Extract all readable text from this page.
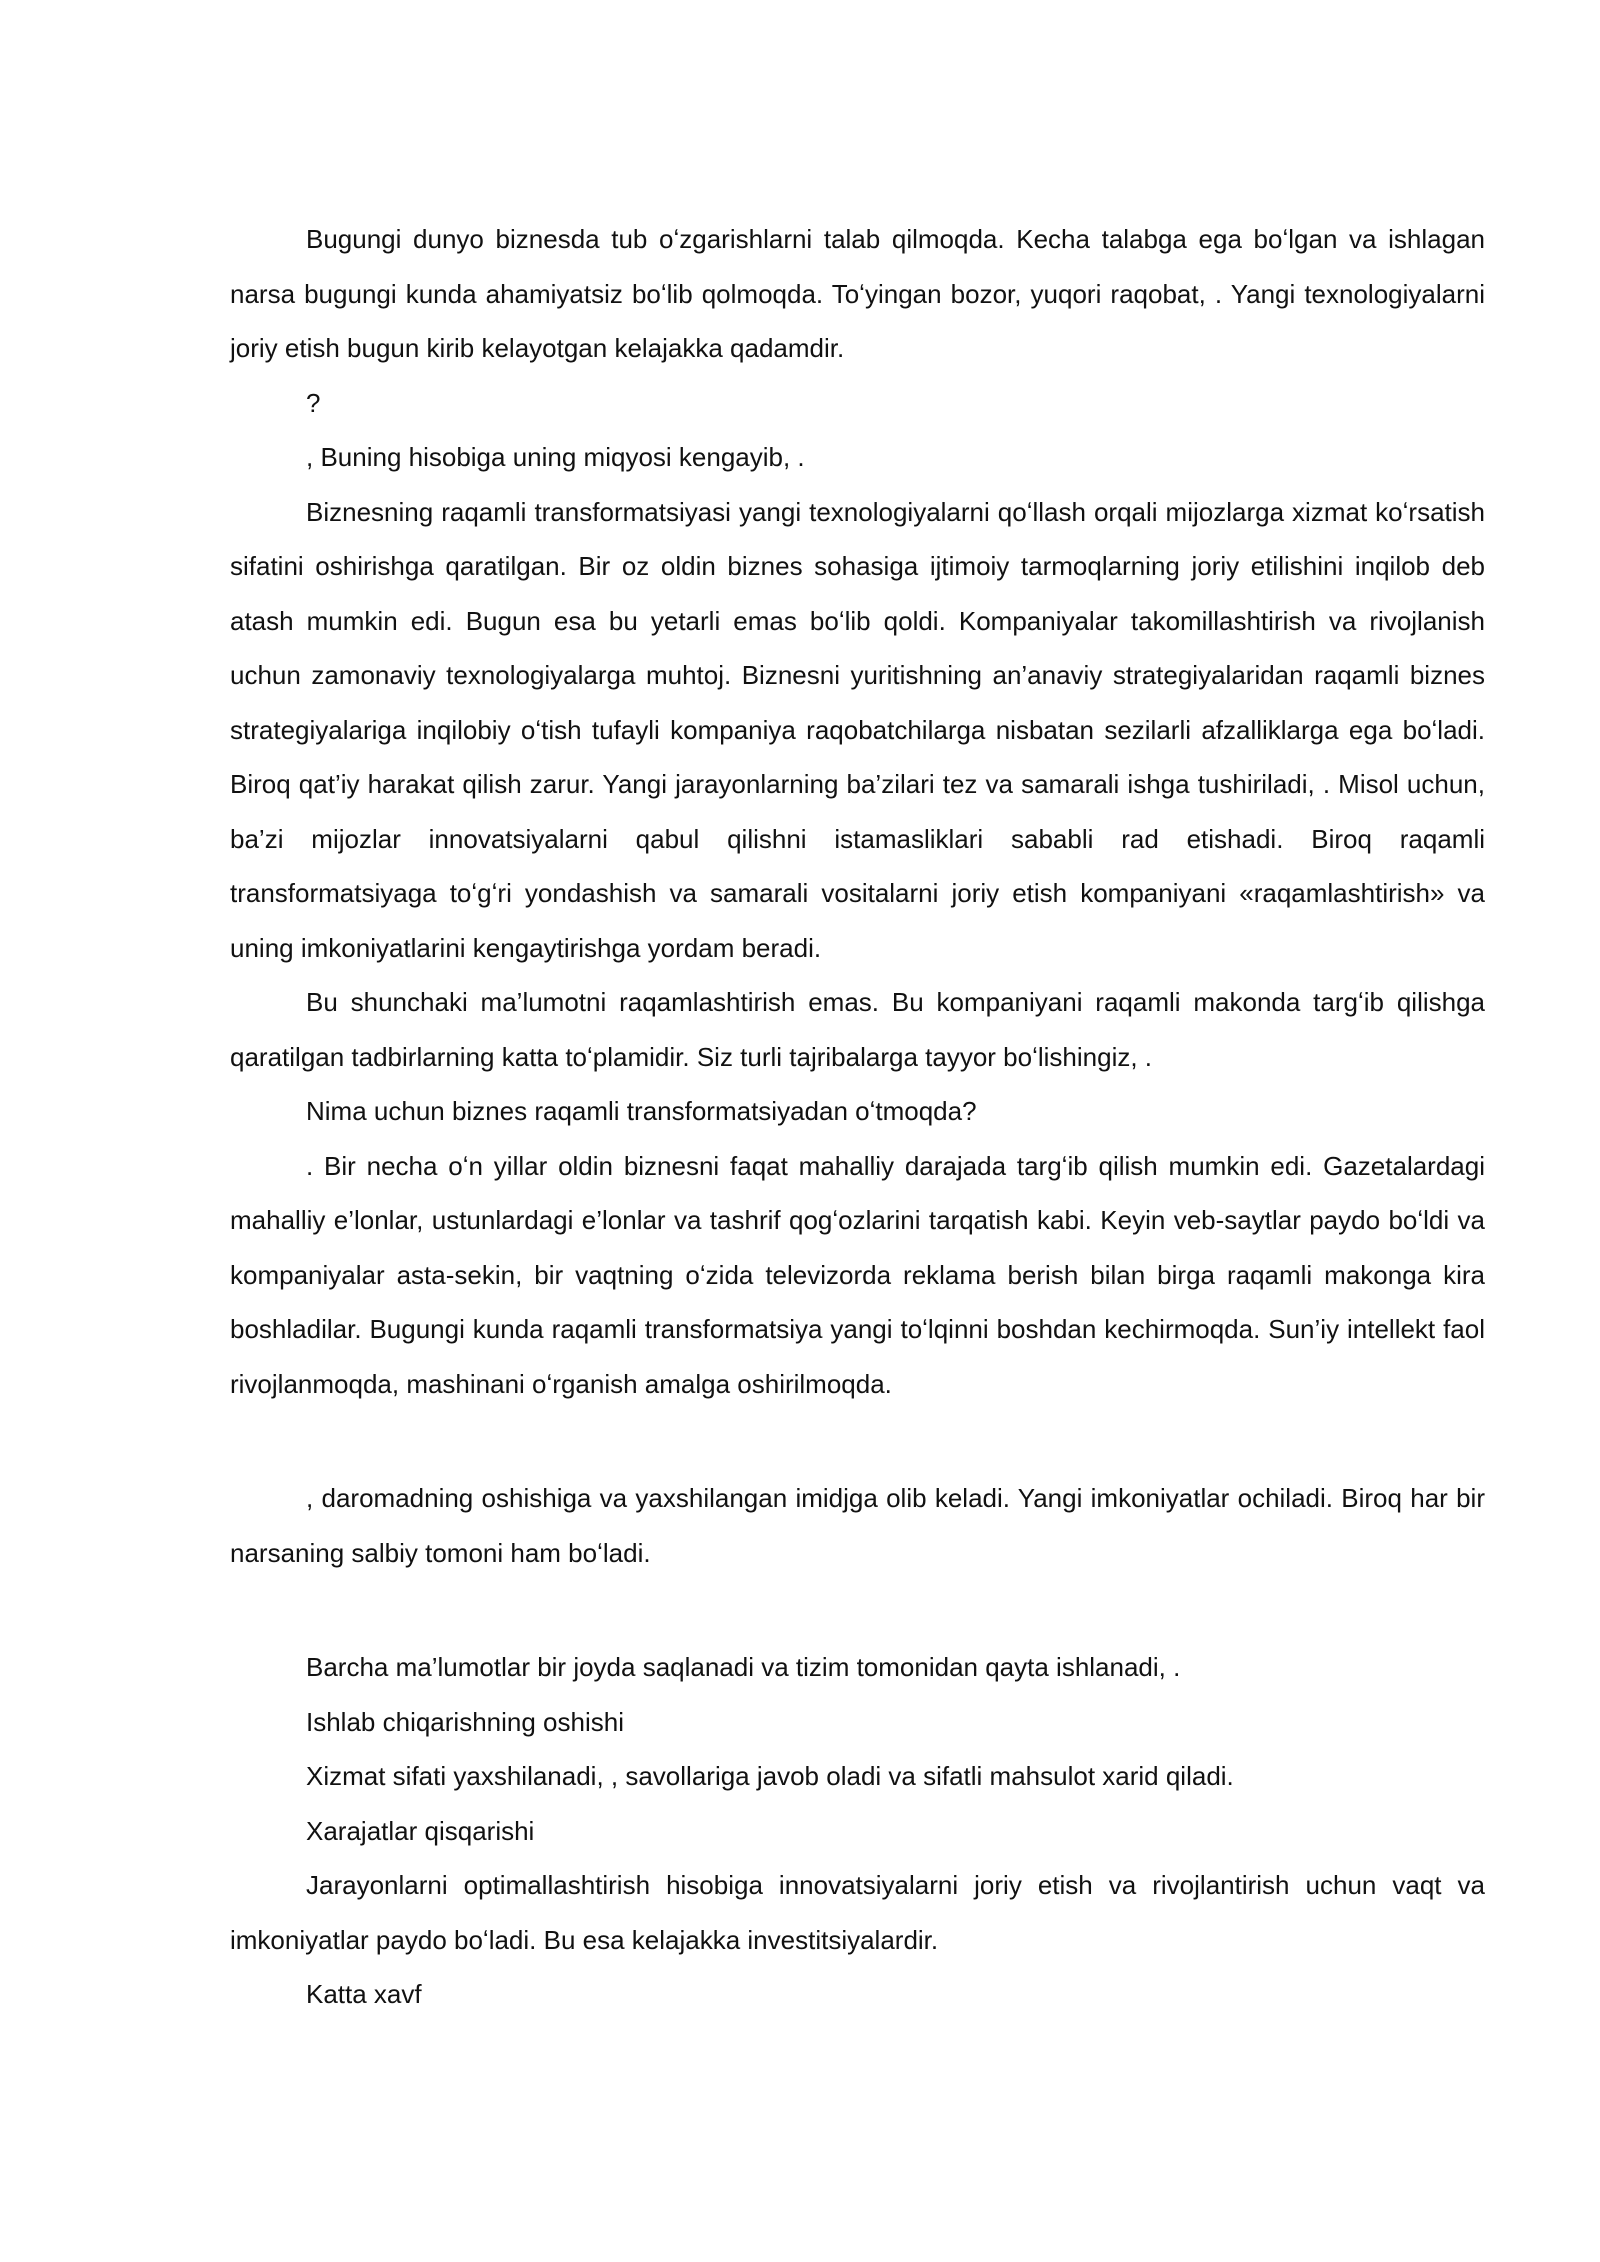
Bugungi dunyo biznesda tub oʻzgarishlarni talab qilmoqda. Kecha talabga ega boʻlgan va ishlagan narsa bugungi kunda ahamiyatsiz boʻlib qolmoqda. Toʻyingan bozor, yuqori raqobat, . Yangi texnologiyalarni joriy etish bugun kirib kelayotgan kelajakka qadamdir.

?

, Buning hisobiga uning miqyosi kengayib, .

Biznesning raqamli transformatsiyasi yangi texnologiyalarni qoʻllash orqali mijozlarga xizmat koʻrsatish sifatini oshirishga qaratilgan. Bir oz oldin biznes sohasiga ijtimoiy tarmoqlarning joriy etilishini inqilob deb atash mumkin edi. Bugun esa bu yetarli emas boʻlib qoldi. Kompaniyalar takomillashtirish va rivojlanish uchun zamonaviy texnologiyalarga muhtoj. Biznesni yuritishning an’anaviy strategiyalaridan raqamli biznes strategiyalariga inqilobiy oʻtish tufayli kompaniya raqobatchilarga nisbatan sezilarli afzalliklarga ega boʻladi. Biroq qat’iy harakat qilish zarur. Yangi jarayonlarning ba’zilari tez va samarali ishga tushiriladi, . Misol uchun, ba’zi mijozlar innovatsiyalarni qabul qilishni istamasliklari sababli rad etishadi. Biroq raqamli transformatsiyaga toʻgʻri yondashish va samarali vositalarni joriy etish kompaniyani «raqamlashtirish» va uning imkoniyatlarini kengaytirishga yordam beradi.

Bu shunchaki ma’lumotni raqamlashtirish emas. Bu kompaniyani raqamli makonda targʻib qilishga qaratilgan tadbirlarning katta toʻplamidir. Siz turli tajribalarga tayyor boʻlishingiz, .

Nima uchun biznes raqamli transformatsiyadan oʻtmoqda?

. Bir necha oʻn yillar oldin biznesni faqat mahalliy darajada targʻib qilish mumkin edi. Gazetalardagi mahalliy e’lonlar, ustunlardagi e’lonlar va tashrif qogʻozlarini tarqatish kabi. Keyin veb-saytlar paydo boʻldi va kompaniyalar asta-sekin, bir vaqtning oʻzida televizorda reklama berish bilan birga raqamli makonga kira boshladilar. Bugungi kunda raqamli transformatsiya yangi toʻlqinni boshdan kechirmoqda. Sun’iy intellekt faol rivojlanmoqda, mashinani oʻrganish amalga oshirilmoqda.

, daromadning oshishiga va yaxshilangan imidjga olib keladi. Yangi imkoniyatlar ochiladi. Biroq har bir narsaning salbiy tomoni ham boʻladi.

Barcha ma’lumotlar bir joyda saqlanadi va tizim tomonidan qayta ishlanadi, .

Ishlab chiqarishning oshishi

Xizmat sifati yaxshilanadi, , savollariga javob oladi va sifatli mahsulot xarid qiladi.

Xarajatlar qisqarishi

Jarayonlarni optimallashtirish hisobiga innovatsiyalarni joriy etish va rivojlantirish uchun vaqt va imkoniyatlar paydo boʻladi. Bu esa kelajakka investitsiyalardir.

Katta xavf
